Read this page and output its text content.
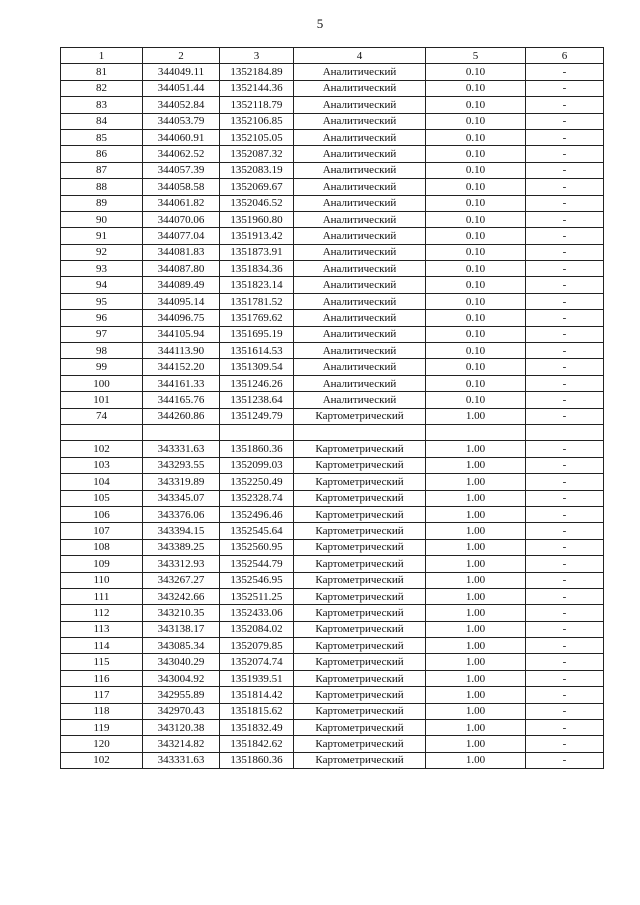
5
1	2	3	4	5	6
81	344049.11	1352184.89	Аналитический	0.10	-
82	344051.44	1352144.36	Аналитический	0.10	-
83	344052.84	1352118.79	Аналитический	0.10	-
84	344053.79	1352106.85	Аналитический	0.10	-
85	344060.91	1352105.05	Аналитический	0.10	-
86	344062.52	1352087.32	Аналитический	0.10	-
87	344057.39	1352083.19	Аналитический	0.10	-
88	344058.58	1352069.67	Аналитический	0.10	-
89	344061.82	1352046.52	Аналитический	0.10	-
90	344070.06	1351960.80	Аналитический	0.10	-
91	344077.04	1351913.42	Аналитический	0.10	-
92	344081.83	1351873.91	Аналитический	0.10	-
93	344087.80	1351834.36	Аналитический	0.10	-
94	344089.49	1351823.14	Аналитический	0.10	-
95	344095.14	1351781.52	Аналитический	0.10	-
96	344096.75	1351769.62	Аналитический	0.10	-
97	344105.94	1351695.19	Аналитический	0.10	-
98	344113.90	1351614.53	Аналитический	0.10	-
99	344152.20	1351309.54	Аналитический	0.10	-
100	344161.33	1351246.26	Аналитический	0.10	-
101	344165.76	1351238.64	Аналитический	0.10	-
74	344260.86	1351249.79	Картометрический	1.00	-

102	343331.63	1351860.36	Картометрический	1.00	-
103	343293.55	1352099.03	Картометрический	1.00	-
104	343319.89	1352250.49	Картометрический	1.00	-
105	343345.07	1352328.74	Картометрический	1.00	-
106	343376.06	1352496.46	Картометрический	1.00	-
107	343394.15	1352545.64	Картометрический	1.00	-
108	343389.25	1352560.95	Картометрический	1.00	-
109	343312.93	1352544.79	Картометрический	1.00	-
110	343267.27	1352546.95	Картометрический	1.00	-
111	343242.66	1352511.25	Картометрический	1.00	-
112	343210.35	1352433.06	Картометрический	1.00	-
113	343138.17	1352084.02	Картометрический	1.00	-
114	343085.34	1352079.85	Картометрический	1.00	-
115	343040.29	1352074.74	Картометрический	1.00	-
116	343004.92	1351939.51	Картометрический	1.00	-
117	342955.89	1351814.42	Картометрический	1.00	-
118	342970.43	1351815.62	Картометрический	1.00	-
119	343120.38	1351832.49	Картометрический	1.00	-
120	343214.82	1351842.62	Картометрический	1.00	-
102	343331.63	1351860.36	Картометрический	1.00	-
